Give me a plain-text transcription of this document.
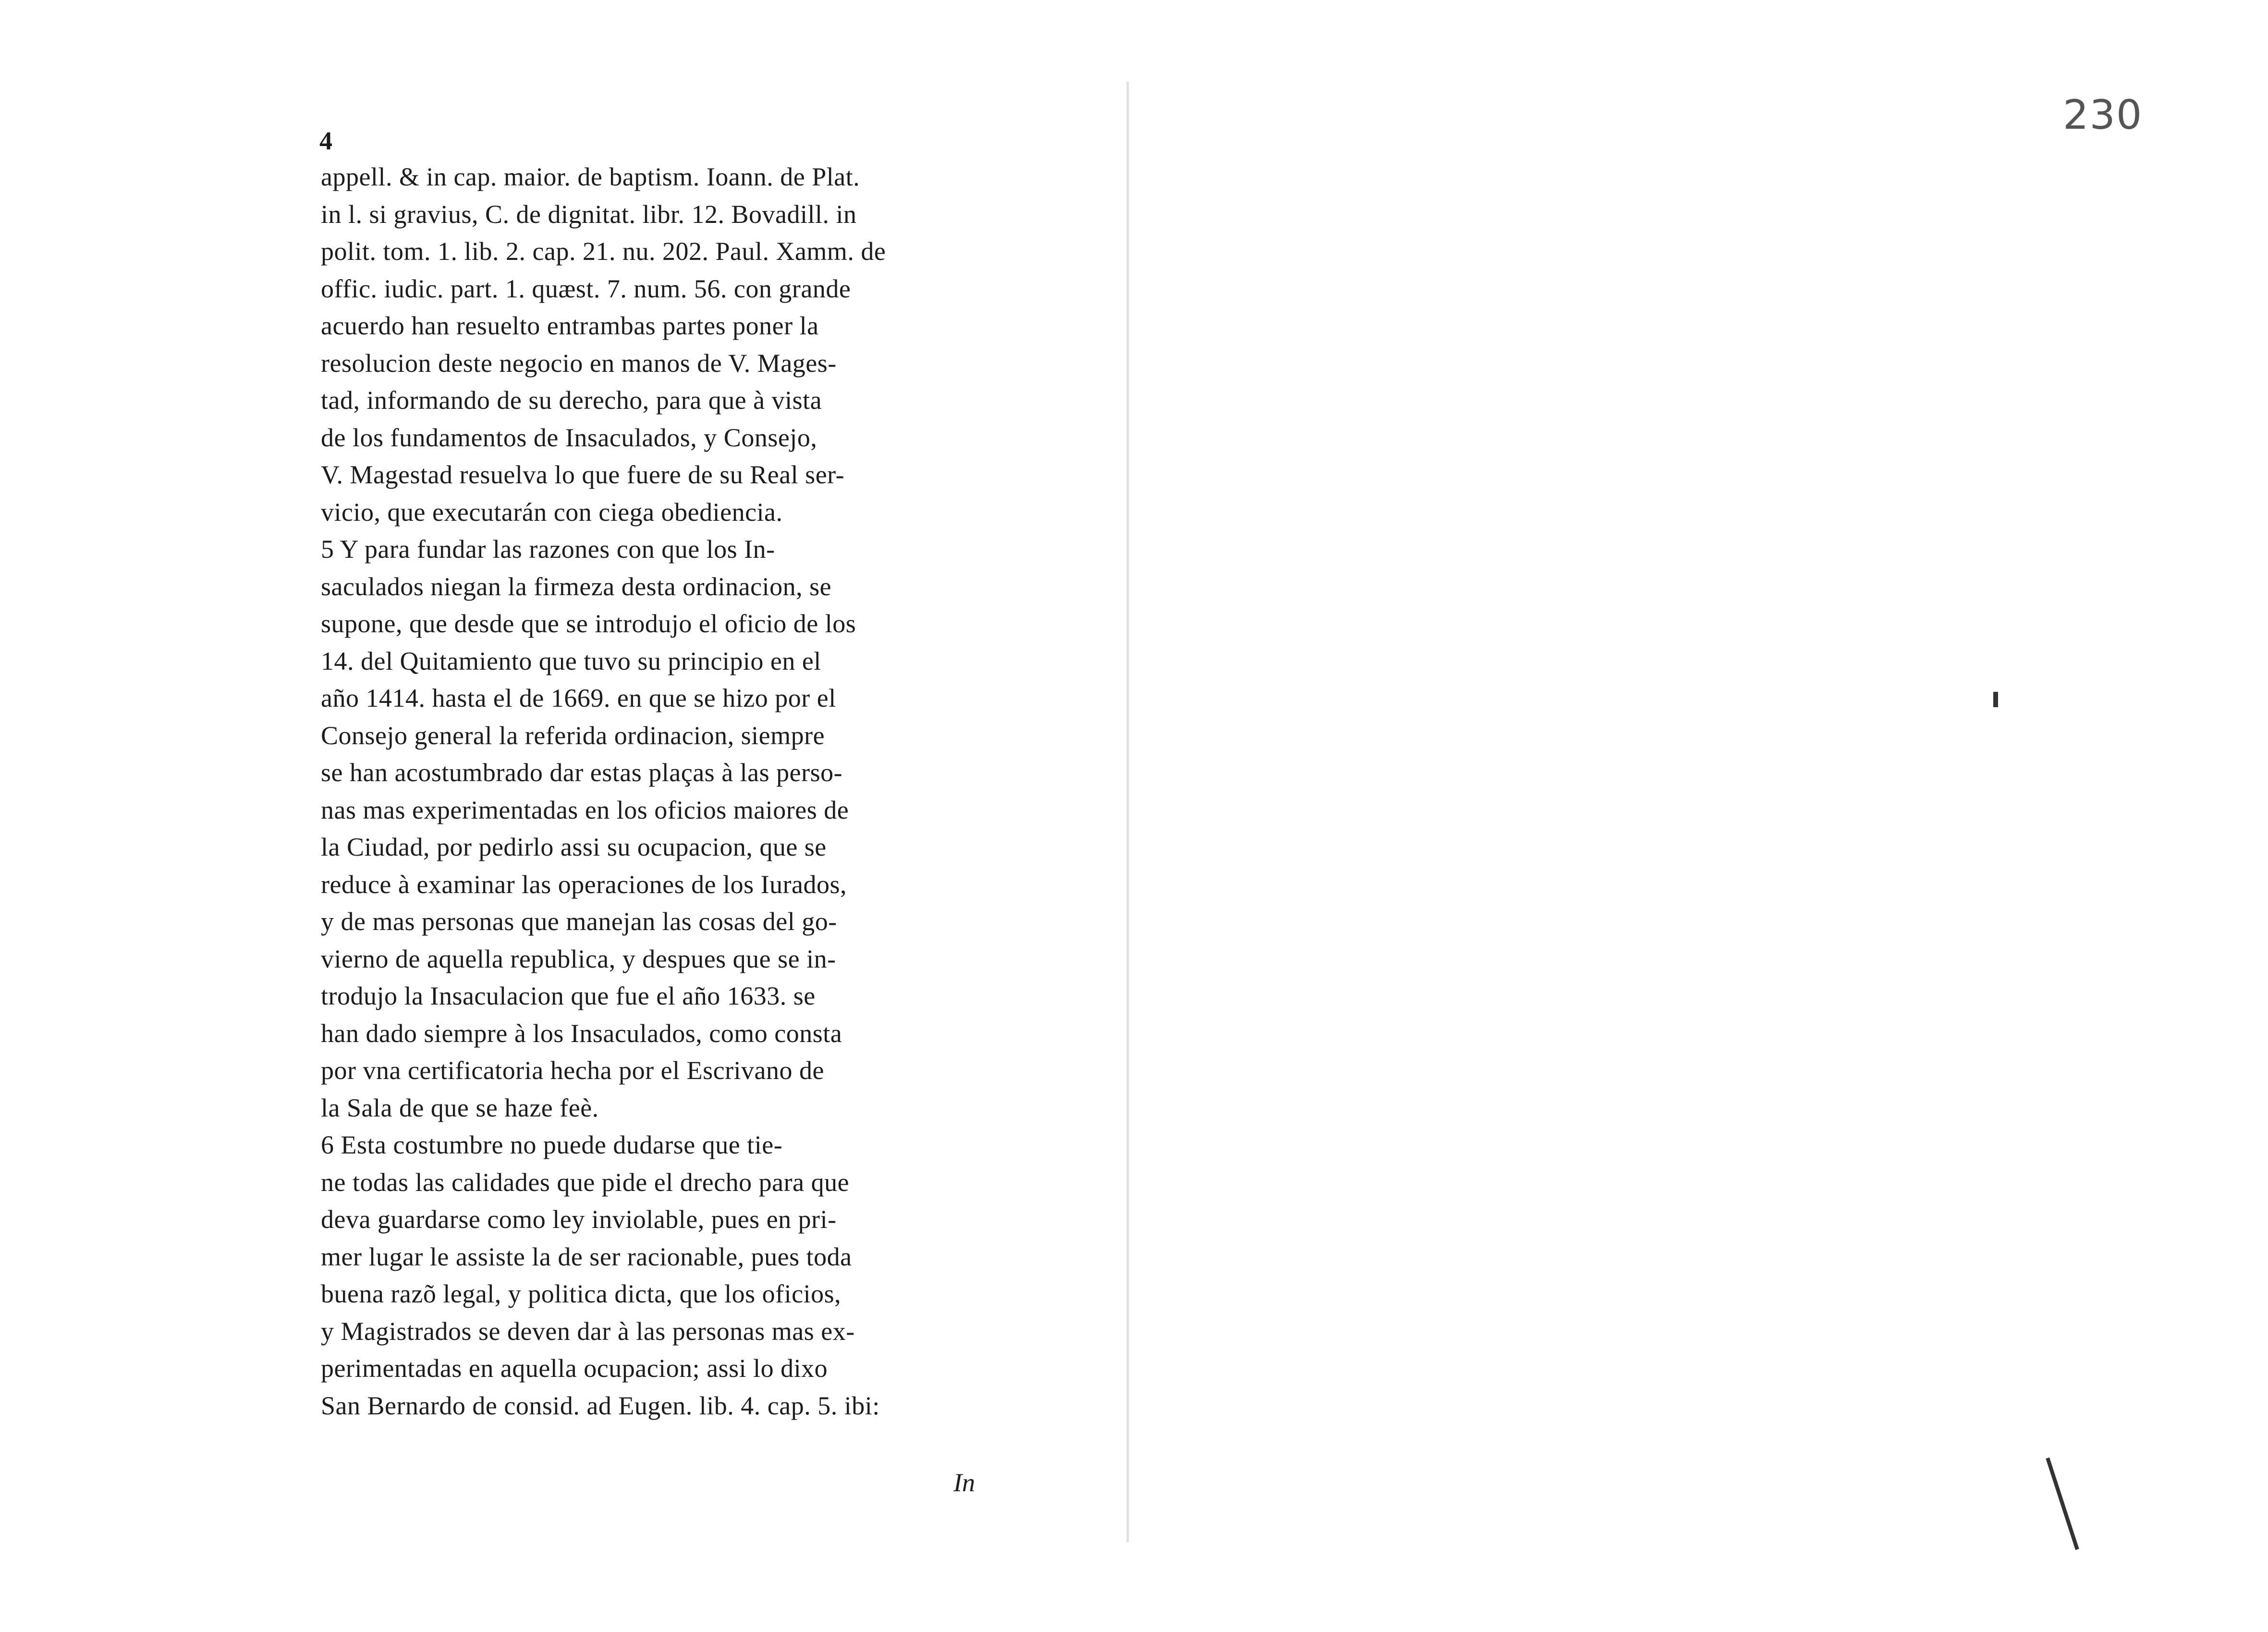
4
appell. & in cap. maior. de baptism. Ioann. de Plat.
in l. si gravius, C. de dignitat. libr. 12. Bovadill. in
polit. tom. 1. lib. 2. cap. 21. nu. 202. Paul. Xamm. de
offic. iudic. part. 1. quæst. 7. num. 56. con grande
acuerdo han resuelto entrambas partes poner la
resolucion deste negocio en manos de V. Mages-
tad, informando de su derecho, para que à vista
de los fundamentos de Insaculados, y Consejo,
V. Magestad resuelva lo que fuere de su Real ser-
vicio, que executarán con ciega obediencia.
5 Y para fundar las razones con que los In-
saculados niegan la firmeza desta ordinacion, se
supone, que desde que se introdujo el oficio de los
14. del Quitamiento que tuvo su principio en el
año 1414. hasta el de 1669. en que se hizo por el
Consejo general la referida ordinacion, siempre
se han acostumbrado dar estas plaças à las perso-
nas mas experimentadas en los oficios maiores de
la Ciudad, por pedirlo assi su ocupacion, que se
reduce à examinar las operaciones de los Iurados,
y de mas personas que manejan las cosas del go-
vierno de aquella republica, y despues que se in-
trodujo la Insaculacion que fue el año 1633. se
han dado siempre à los Insaculados, como consta
por vna certificatoria hecha por el Escrivano de
la Sala de que se haze feè.
6 Esta costumbre no puede dudarse que tie-
ne todas las calidades que pide el drecho para que
deva guardarse como ley inviolable, pues en pri-
mer lugar le assiste la de ser racionable, pues toda
buena razõ legal, y politica dicta, que los oficios,
y Magistrados se deven dar à las personas mas ex-
perimentadas en aquella ocupacion; assi lo dixo
San Bernardo de consid. ad Eugen. lib. 4. cap. 5. ibi:
In
230
